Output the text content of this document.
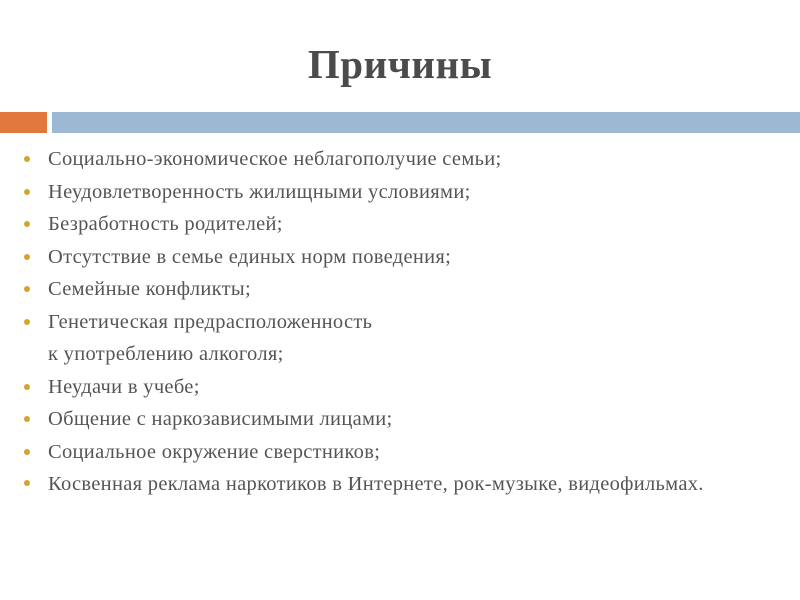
Причины
Социально-экономическое неблагополучие семьи;
Неудовлетворенность жилищными условиями;
Безработность родителей;
Отсутствие в семье единых норм поведения;
Семейные конфликты;
Генетическая предрасположенность
к употреблению алкоголя;
Неудачи в учебе;
Общение с наркозависимыми лицами;
Социальное окружение сверстников;
Косвенная реклама наркотиков в Интернете, рок-музыке, видеофильмах.
